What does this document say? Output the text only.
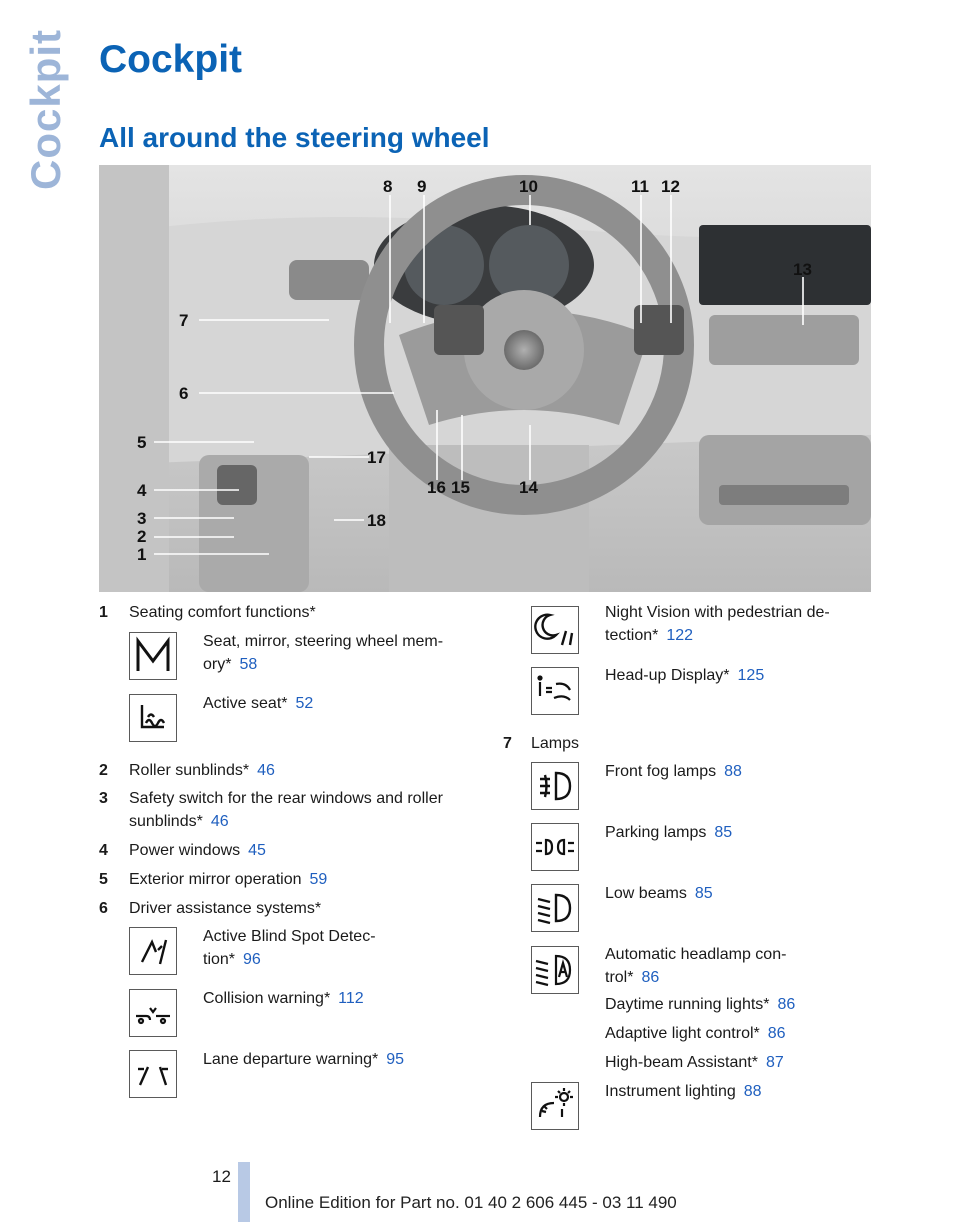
Cockpit Cockpit
All around the steering wheel
8 9	10	11 12
7
13
6
5
17
4	16 15	14
3	18
2
1
1 Seating comfort functions*
Seat, mirror, steering wheel mem-
ory* 58
Active seat* 52
2 Roller sunblinds* 46
3 Safety switch for the rear windows and roller
sunblinds* 46
4 Power windows 45
5 Exterior mirror operation 59
6 Driver assistance systems*
Active Blind Spot Detec-
tion* 96
Collision warning* 112
Lane departure warning* 95
Night Vision with pedestrian de-
tection* 122
Head-up Display* 125
7 Lamps
Front fog lamps 88
Parking lamps 85
Low beams 85
Automatic headlamp con-
trol* 86
Daytime running lights* 86
Adaptive light control* 86
High-beam Assistant* 87
Instrument lighting 88
12
Online Edition for Part no. 01 40 2 606 445 - 03 11 490
